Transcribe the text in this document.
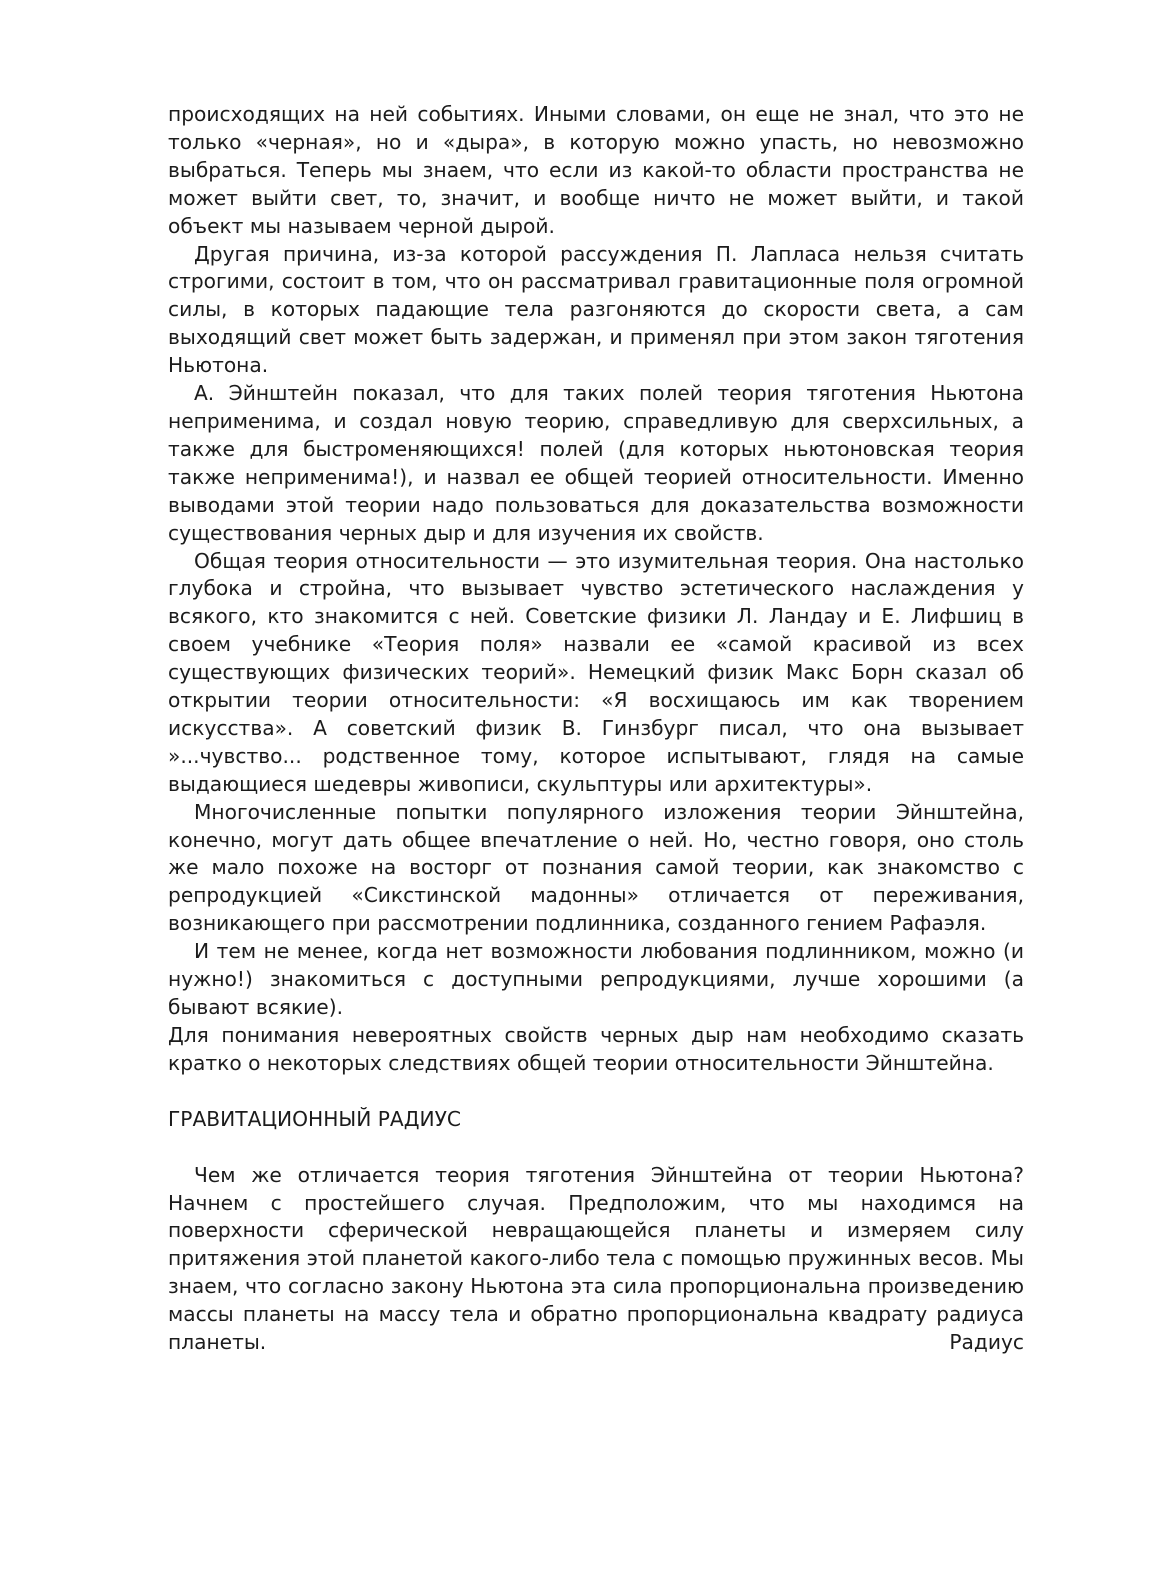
происходящих на ней событиях. Иными словами, он еще не знал, что это не только «черная», но и «дыра», в которую можно упасть, но невозможно выбраться. Теперь мы знаем, что если из какой-то области пространства не может выйти свет, то, значит, и вообще ничто не может выйти, и такой объект мы называем черной дырой.

Другая причина, из-за которой рассуждения П. Лапласа нельзя считать строгими, состоит в том, что он рассматривал гравитационные поля огромной силы, в которых падающие тела разгоняются до скорости света, а сам выходящий свет может быть задержан, и применял при этом закон тяготения Ньютона.

А. Эйнштейн показал, что для таких полей теория тяготения Ньютона неприменима, и создал новую теорию, справедливую для сверхсильных, а также для быстроменяющихся! полей (для которых ньютоновская теория также неприменима!), и назвал ее общей теорией относительности. Именно выводами этой теории надо пользоваться для доказательства возможности существования черных дыр и для изучения их свойств.

Общая теория относительности — это изумительная теория. Она настолько глубока и стройна, что вызывает чувство эстетического наслаждения у всякого, кто знакомится с ней. Советские физики Л. Ландау и Е. Лифшиц в своем учебнике «Теория поля» назвали ее «самой красивой из всех существующих физических теорий». Немецкий физик Макс Борн сказал об открытии теории относительности: «Я восхищаюсь им как творением искусства». А советский физик В. Гинзбург писал, что она вызывает »...чувство... родственное тому, которое испытывают, глядя на самые выдающиеся шедевры живописи, скульптуры или архитектуры».

Многочисленные попытки популярного изложения теории Эйнштейна, конечно, могут дать общее впечатление о ней. Но, честно говоря, оно столь же мало похоже на восторг от познания самой теории, как знакомство с репродукцией «Сикстинской мадонны» отличается от переживания, возникающего при рассмотрении подлинника, созданного гением Рафаэля.

И тем не менее, когда нет возможности любования подлинником, можно (и нужно!) знакомиться с доступными репродукциями, лучше хорошими (а бывают всякие).

Для понимания невероятных свойств черных дыр нам необходимо сказать кратко о некоторых следствиях общей теории относительности Эйнштейна.

ГРАВИТАЦИОННЫЙ РАДИУС

Чем же отличается теория тяготения Эйнштейна от теории Ньютона? Начнем с простейшего случая. Предположим, что мы находимся на поверхности сферической невращающейся планеты и измеряем силу притяжения этой планетой какого-либо тела с помощью пружинных весов. Мы знаем, что согласно закону Ньютона эта сила пропорциональна произведению массы планеты на массу тела и обратно пропорциональна квадрату радиуса планеты. Радиус
